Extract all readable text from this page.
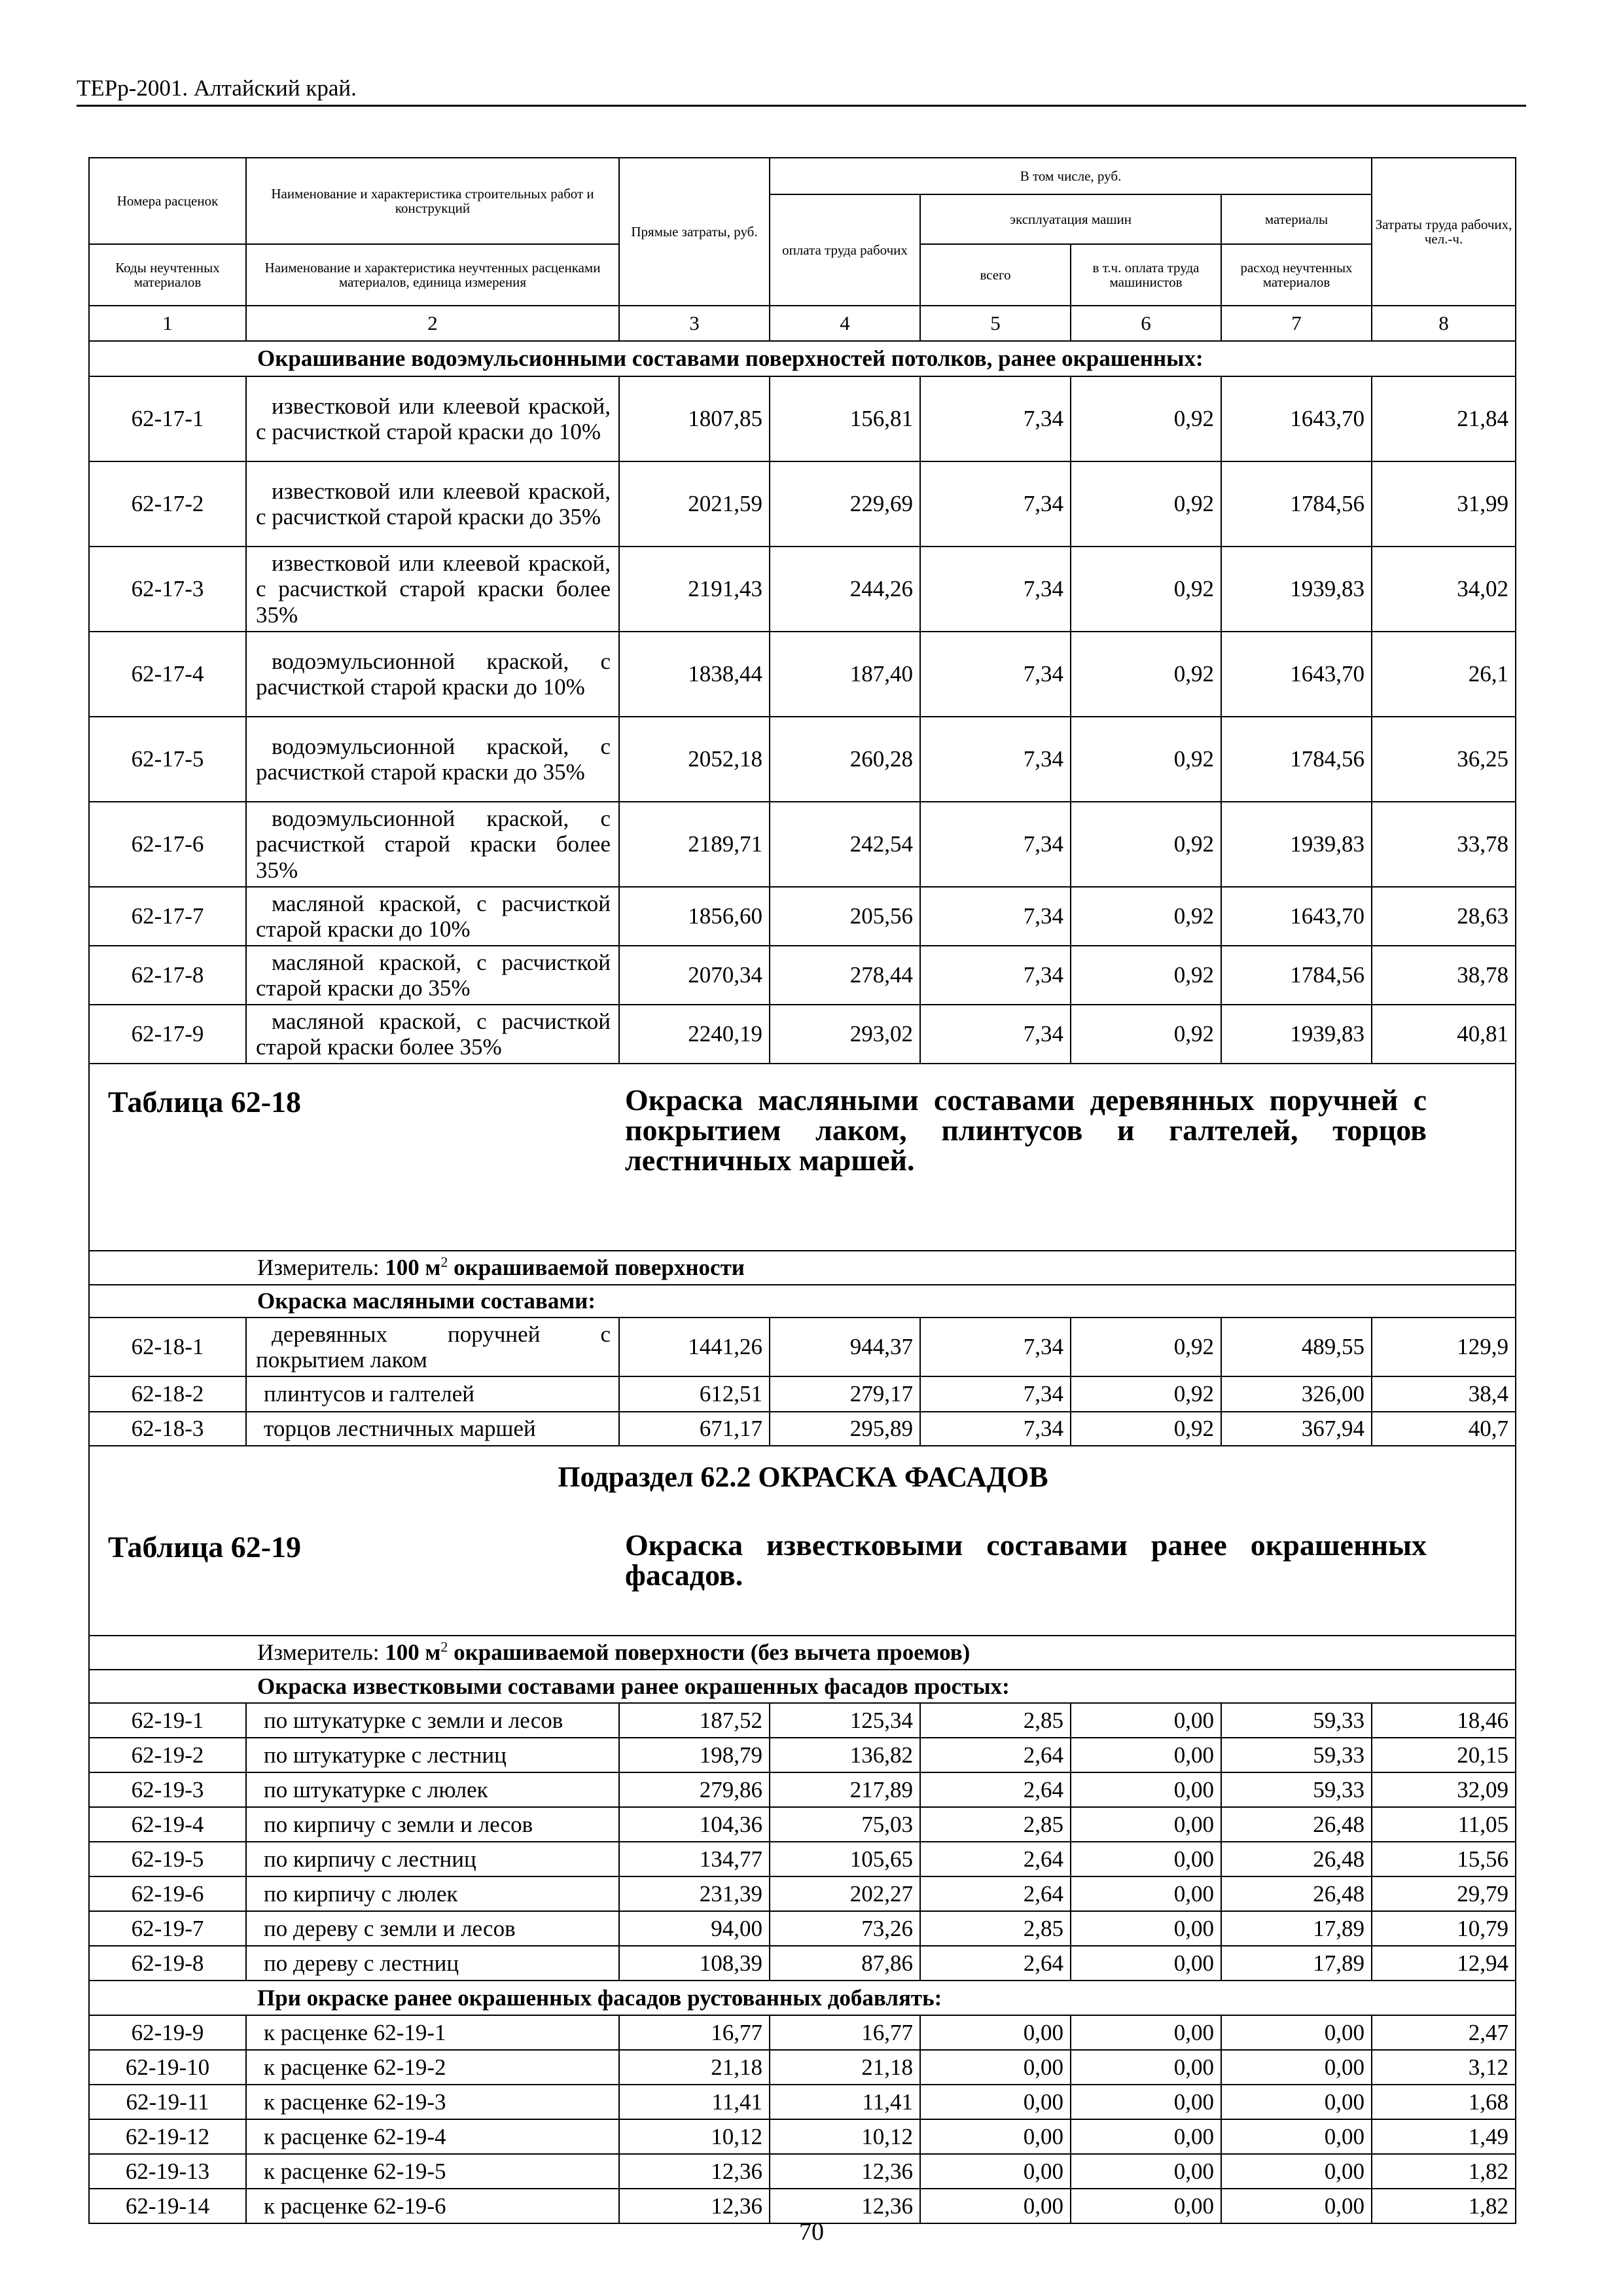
ТЕРр-2001. Алтайский край.
Номера расценок	Наименование и характеристика строительных работ и конструкций	Прямые затраты, руб.	В том числе, руб.				Затраты труда рабочих, чел.-ч.
			оплата труда рабочих	эксплуатация машин		материалы	
Коды неучтенных материалов	Наименование и характеристика неучтенных расценками материалов, единица измерения			всего	в т.ч. оплата труда машинистов	расход неучтенных материалов	
1	2	3	4	5	6	7	8
Окрашивание водоэмульсионными составами поверхностей потолков, ранее окрашенных:							
62-17-1	известковой или клеевой краской, с расчисткой старой краски до 10%	1807,85	156,81	7,34	0,92	1643,70	21,84
62-17-2	известковой или клеевой краской, с расчисткой старой краски до 35%	2021,59	229,69	7,34	0,92	1784,56	31,99
62-17-3	известковой или клеевой краской, с расчисткой старой краски более 35%	2191,43	244,26	7,34	0,92	1939,83	34,02
62-17-4	водоэмульсионной краской, с расчисткой старой краски до 10%	1838,44	187,40	7,34	0,92	1643,70	26,1
62-17-5	водоэмульсионной краской, с расчисткой старой краски до 35%	2052,18	260,28	7,34	0,92	1784,56	36,25
62-17-6	водоэмульсионной краской, с расчисткой старой краски более 35%	2189,71	242,54	7,34	0,92	1939,83	33,78
62-17-7	масляной краской, с расчисткой старой краски до 10%	1856,60	205,56	7,34	0,92	1643,70	28,63
62-17-8	масляной краской, с расчисткой старой краски до 35%	2070,34	278,44	7,34	0,92	1784,56	38,78
62-17-9	масляной краской, с расчисткой старой краски более 35%	2240,19	293,02	7,34	0,92	1939,83	40,81

Таблица 62-18 Окраска масляными составами деревянных поручней с покрытием лаком, плинтусов и галтелей, торцов лестничных маршей.							

Измеритель: 100 $м^2$ окрашиваемой поверхности							
Окраска масляными составами:							
62-18-1	деревянных поручней с покрытием лаком	1441,26	944,37	7,34	0,92	489,55	129,9
62-18-2	плинтусов и галтелей	612,51	279,17	7,34	0,92	326,00	38,4
62-18-3	торцов лестничных маршей	671,17	295,89	7,34	0,92	367,94	40,7

Подраздел 62.2 ОКРАСКА ФАСАДОВ
Таблица 62-19 Окраска известковыми составами ранее окрашенных фасадов.							

Измеритель: 100 $м^2$ окрашиваемой поверхности (без вычета проемов)							
Окраска известковыми составами ранее окрашенных фасадов простых:							
62-19-1	по штукатурке с земли и лесов	187,52	125,34	2,85	0,00	59,33	18,46
62-19-2	по штукатурке с лестниц	198,79	136,82	2,64	0,00	59,33	20,15
62-19-3	по штукатурке с люлек	279,86	217,89	2,64	0,00	59,33	32,09
62-19-4	по кирпичу с земли и лесов	104,36	75,03	2,85	0,00	26,48	11,05
62-19-5	по кирпичу с лестниц	134,77	105,65	2,64	0,00	26,48	15,56
62-19-6	по кирпичу с люлек	231,39	202,27	2,64	0,00	26,48	29,79
62-19-7	по дереву с земли и лесов	94,00	73,26	2,85	0,00	17,89	10,79
62-19-8	по дереву с лестниц	108,39	87,86	2,64	0,00	17,89	12,94
При окраске ранее окрашенных фасадов рустованных добавлять:							
62-19-9	к расценке 62-19-1	16,77	16,77	0,00	0,00	0,00	2,47
62-19-10	к расценке 62-19-2	21,18	21,18	0,00	0,00	0,00	3,12
62-19-11	к расценке 62-19-3	11,41	11,41	0,00	0,00	0,00	1,68
62-19-12	к расценке 62-19-4	10,12	10,12	0,00	0,00	0,00	1,49
62-19-13	к расценке 62-19-5	12,36	12,36	0,00	0,00	0,00	1,82
62-19-14	к расценке 62-19-6	12,36	12,36	0,00	0,00	0,00	1,82
70
